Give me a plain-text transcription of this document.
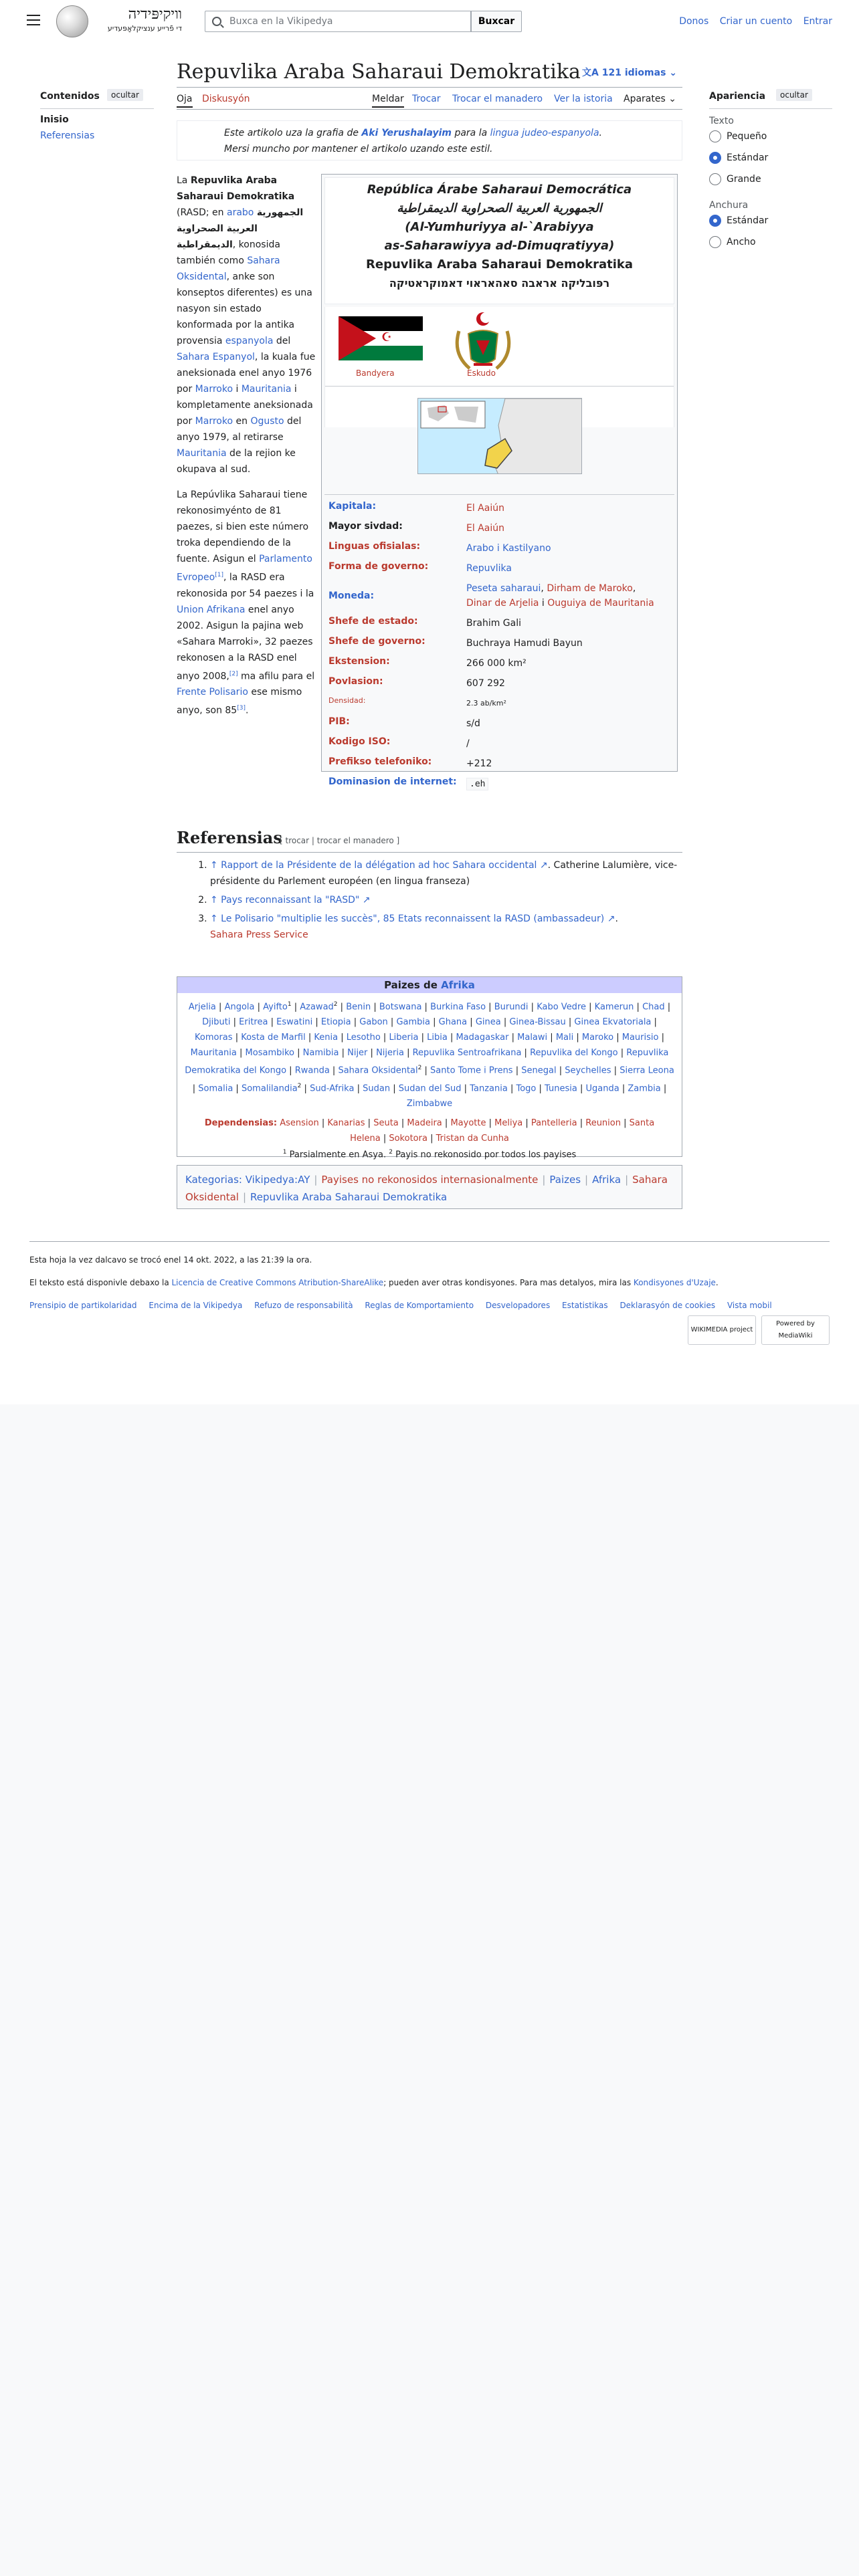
װיקיפּידיה
די פֿרייע ענציקלאָפּעדיע
Buxca en la Vikipedya
Buxcar	Donos Criar un cuento Entrar
Contenidos	ocultar
Inisio
Referensias
Repuvlika Araba Saharaui Demokratika 文A 121 idiomas ⌄
Oja Diskusyón	Meldar Trocar Trocar el manadero Ver la istoria Aparates ⌄	Apariencia	ocultar
Texto
Pequeño
Estándar
Grande
Anchura
Estándar
Ancho
Este artikolo uza la grafia de Aki Yerushalayim para la lingua judeo-espanyola.
Mersi muncho por mantener el artikolo uzando este estil.

La Repuvlika Araba Saharaui Demokratika (RASD; en arabo الجمهورية العربية الصحراوية الديمقراطية, konosida también como Sahara Oksidental, anke son konseptos diferentes) es una nasyon sin estado konformada por la antika provensia espanyola del Sahara Espanyol, la kuala fue aneksionada enel anyo 1976 por Marroko i Mauritania i kompletamente aneksionada por Marroko en Ogusto del anyo 1979, al retirarse Mauritania de la rejion ke okupava al sud.

La Repúvlika Saharaui tiene rekonosimyénto de 81 paezes, si bien este número troka dependiendo de la fuente. Asigun el Parlamento Evropeo[1], la RASD era rekonosida por 54 paezes i la Union Afrikana enel anyo 2002. Asigun la pajina web «Sahara Marroki», 32 paezes rekonosen a la RASD enel anyo 2008,[2] ma afilu para el Frente Polisario ese mismo anyo, son 85[3].

República Árabe Saharaui Democrática
الجمهورية العربية الصحراوية الديمقراطية
(Al-Yumhuriyya al-`Arabiyya
as-Saharawiyya ad-Dimuqratiyya)
Repuvlika Araba Saharaui Demokratika
רפּובליקה אראבה סאהאראוי דאמוקראטיקה
☪
Bandyera	Eskudo
Kapitala:	El Aaiún
Mayor sivdad:	El Aaiún
Linguas ofisialas:	Arabo i Kastilyano
Forma de governo:	Repuvlika
Moneda:
Peseta saharaui, Dirham de Maroko,
Dinar de Arjelia i Ouguiya de Mauritania
Shefe de estado:	Brahim Gali
Shefe de governo:	Buchraya Hamudi Bayun
Ekstension:	266 000 km²
Povlasion:	607 292
Densidad:	2.3 ab/km²
PIB:	s/d
Kodigo ISO:	/
Prefikso telefoniko:	+212
Dominasion de internet:	.eh
Referensias
[ trocar | trocar el manadero ]
1. ↑ Rapport de la Présidente de la délégation ad hoc Sahara occidental ↗. Catherine Lalumière, vice-présidente du Parlement européen (en lingua franseza)
2. ↑ Pays reconnaissant la "RASD" ↗
3. ↑ Le Polisario "multiplie les succès", 85 Etats reconnaissent la RASD (ambassadeur) ↗.
Sahara Press Service
Paizes de Afrika
Arjelia | Angola | Ayifto$^1$ | Azawad$^2$ | Benin | Botswana | Burkina Faso | Burundi | Kabo Vedre | Kamerun | Chad | Djibuti | Eritrea | Eswatini | Etiopia | Gabon | Gambia | Ghana | Ginea | Ginea-Bissau | Ginea Ekvatoriala | Komoras | Kosta de Marfil | Kenia | Lesotho | Liberia | Libia | Madagaskar | Malawi | Mali | Maroko | Maurisio | Mauritania | Mosambiko | Namibia | Nijer | Nijeria | Repuvlika Sentroafrikana | Repuvlika del Kongo | Repuvlika Demokratika del Kongo | Rwanda | Sahara Oksidental$^2$ | Santo Tome i Prens | Senegal | Seychelles | Sierra Leona | Somalia | Somalilandia$^2$ | Sud-Afrika | Sudan | Sudan del Sud | Tanzania | Togo | Tunesia | Uganda | Zambia | Zimbabwe
Dependensias: Asension | Kanarias | Seuta | Madeira | Mayotte | Meliya | Pantelleria | Reunion | Santa Helena | Sokotora | Tristan da Cunha
$^1$ Parsialmente en Asya. $^2$ Payis no rekonosido por todos los payises
Kategorias: Vikipedya:AY | Payises no rekonosidos internasionalmente | Paizes | Afrika | Sahara Oksidental | Repuvlika Araba Saharaui Demokratika

Esta hoja la vez dalcavo se trocó enel 14 okt. 2022, a las 21:39 la ora.

El teksto está disponivle debaxo la Licencia de Creative Commons Atribution-ShareAlike; pueden aver otras kondisyones. Para mas detalyos, mira las Kondisyones d'Uzaje.

Prensipio de partikolaridad Encima de la Vikipedya Refuzo de responsabilità Reglas de Komportamiento Desvelopadores Estatistikas Deklarasyón de cookies Vista mobil
WIKIMEDIA project
Powered by MediaWiki
